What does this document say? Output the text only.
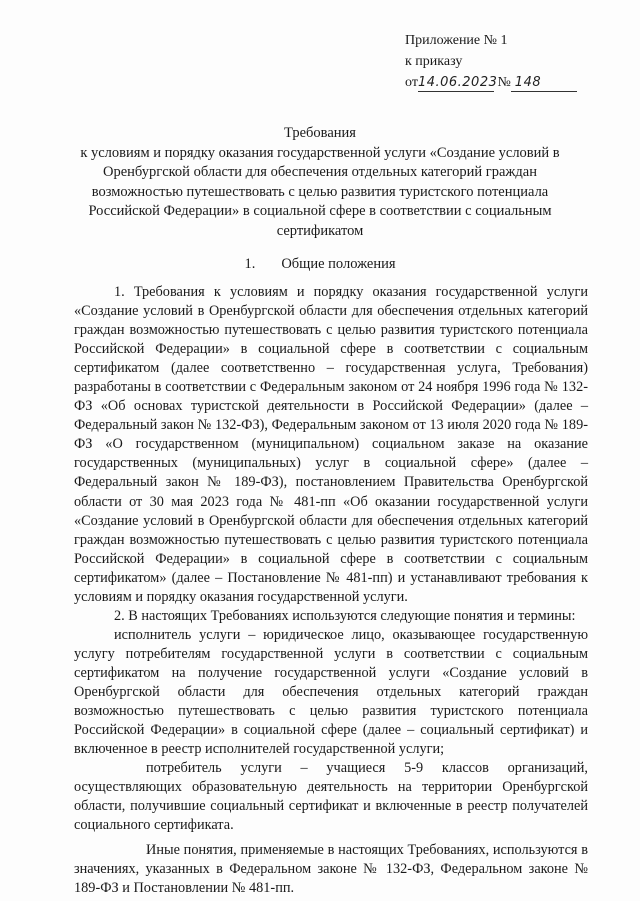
Приложение № 1
к приказу
от14.06.2023 № 148
Требования
к условиям и порядку оказания государственной услуги «Создание условий в
Оренбургской области для обеспечения отдельных категорий граждан
возможностью путешествовать с целью развития туристского потенциала
Российской Федерации» в социальной сфере в соответствии с социальным
сертификатом
1. Общие положения

1. Требования к условиям и порядку оказания государственной услуги «Создание условий в Оренбургской области для обеспечения отдельных категорий граждан возможностью путешествовать с целью развития туристского потенциала Российской Федерации» в социальной сфере в соответствии с социальным сертификатом (далее соответственно – государственная услуга, Требования) разработаны в соответствии с Федеральным законом от 24 ноября 1996 года № 132-ФЗ «Об основах туристской деятельности в Российской Федерации» (далее – Федеральный закон № 132-ФЗ), Федеральным законом от 13 июля 2020 года № 189-ФЗ «О государственном (муниципальном) социальном заказе на оказание государственных (муниципальных) услуг в социальной сфере» (далее – Федеральный закон № 189-ФЗ), постановлением Правительства Оренбургской области от 30 мая 2023 года № 481-пп «Об оказании государственной услуги «Создание условий в Оренбургской области для обеспечения отдельных категорий граждан возможностью путешествовать с целью развития туристского потенциала Российской Федерации» в социальной сфере в соответствии с социальным сертификатом» (далее – Постановление № 481-пп) и устанавливают требования к условиям и порядку оказания государственной услуги.

2. В настоящих Требованиях используются следующие понятия и термины:

исполнитель услуги – юридическое лицо, оказывающее государственную услугу потребителям государственной услуги в соответствии с социальным сертификатом на получение государственной услуги «Создание условий в Оренбургской области для обеспечения отдельных категорий граждан возможностью путешествовать с целью развития туристского потенциала Российской Федерации» в социальной сфере (далее – социальный сертификат) и включенное в реестр исполнителей государственной услуги;

потребитель услуги – учащиеся 5-9 классов организаций, осуществляющих образовательную деятельность на территории Оренбургской области, получившие социальный сертификат и включенные в реестр получателей социального сертификата.

Иные понятия, применяемые в настоящих Требованиях, используются в значениях, указанных в Федеральном законе № 132-ФЗ, Федеральном законе № 189-ФЗ и Постановлении № 481-пп.
